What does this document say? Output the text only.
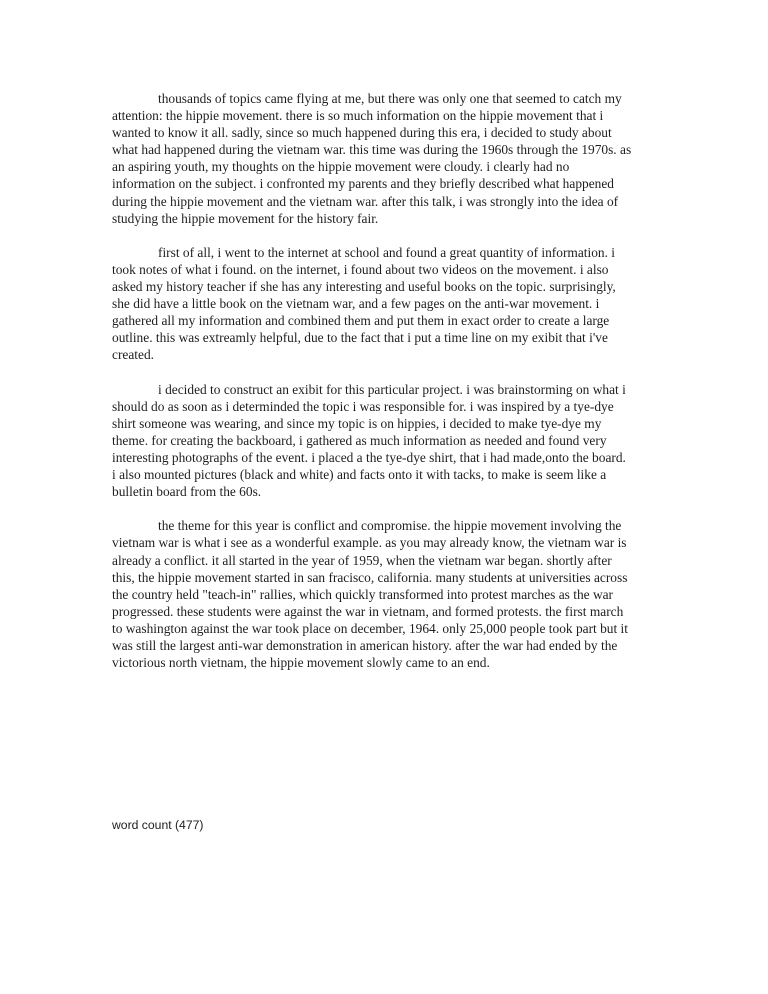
thousands of topics came flying at me, but there was only one that seemed to catch my attention: the hippie movement. there is so much information on the hippie movement that i wanted to know it all. sadly, since so much happened during this era, i decided to study about what had happened during the vietnam war. this time was during the 1960s through the 1970s. as an aspiring youth, my thoughts on the hippie movement were cloudy. i clearly had no information on the subject. i confronted my parents and they briefly described what happened during the hippie movement and the vietnam war. after this talk, i was strongly into the idea of studying the hippie movement for the history fair.

first of all, i went to the internet at school and found a great quantity of information. i took notes of what i found. on the internet, i found about two videos on the movement. i also asked my history teacher if she has any interesting and useful books on the topic. surprisingly, she did have a little book on the vietnam war, and a few pages on the anti-war movement. i gathered all my information and combined them and put them in exact order to create a large outline. this was extreamly helpful, due to the fact that i put a time line on my exibit that i've created.

i decided to construct an exibit for this particular project. i was brainstorming on what i should do as soon as i determinded the topic i was responsible for. i was inspired by a tye-dye shirt someone was wearing, and since my topic is on hippies, i decided to make tye-dye my theme. for creating the backboard, i gathered as much information as needed and found very interesting photographs of the event. i placed a the tye-dye shirt, that i had made,onto the board. i also mounted pictures (black and white) and facts onto it with tacks, to make is seem like a bulletin board from the 60s.

the theme for this year is conflict and compromise. the hippie movement involving the vietnam war is what i see as a wonderful example. as you may already know, the vietnam war is already a conflict. it all started in the year of 1959, when the vietnam war began. shortly after this, the hippie movement started in san fracisco, california. many students at universities across the country held "teach-in" rallies, which quickly transformed into protest marches as the war progressed. these students were against the war in vietnam, and formed protests. the first march to washington against the war took place on december, 1964. only 25,000 people took part but it was still the largest anti-war demonstration in american history. after the war had ended by the victorious north vietnam, the hippie movement slowly came to an end.

word count (477)
